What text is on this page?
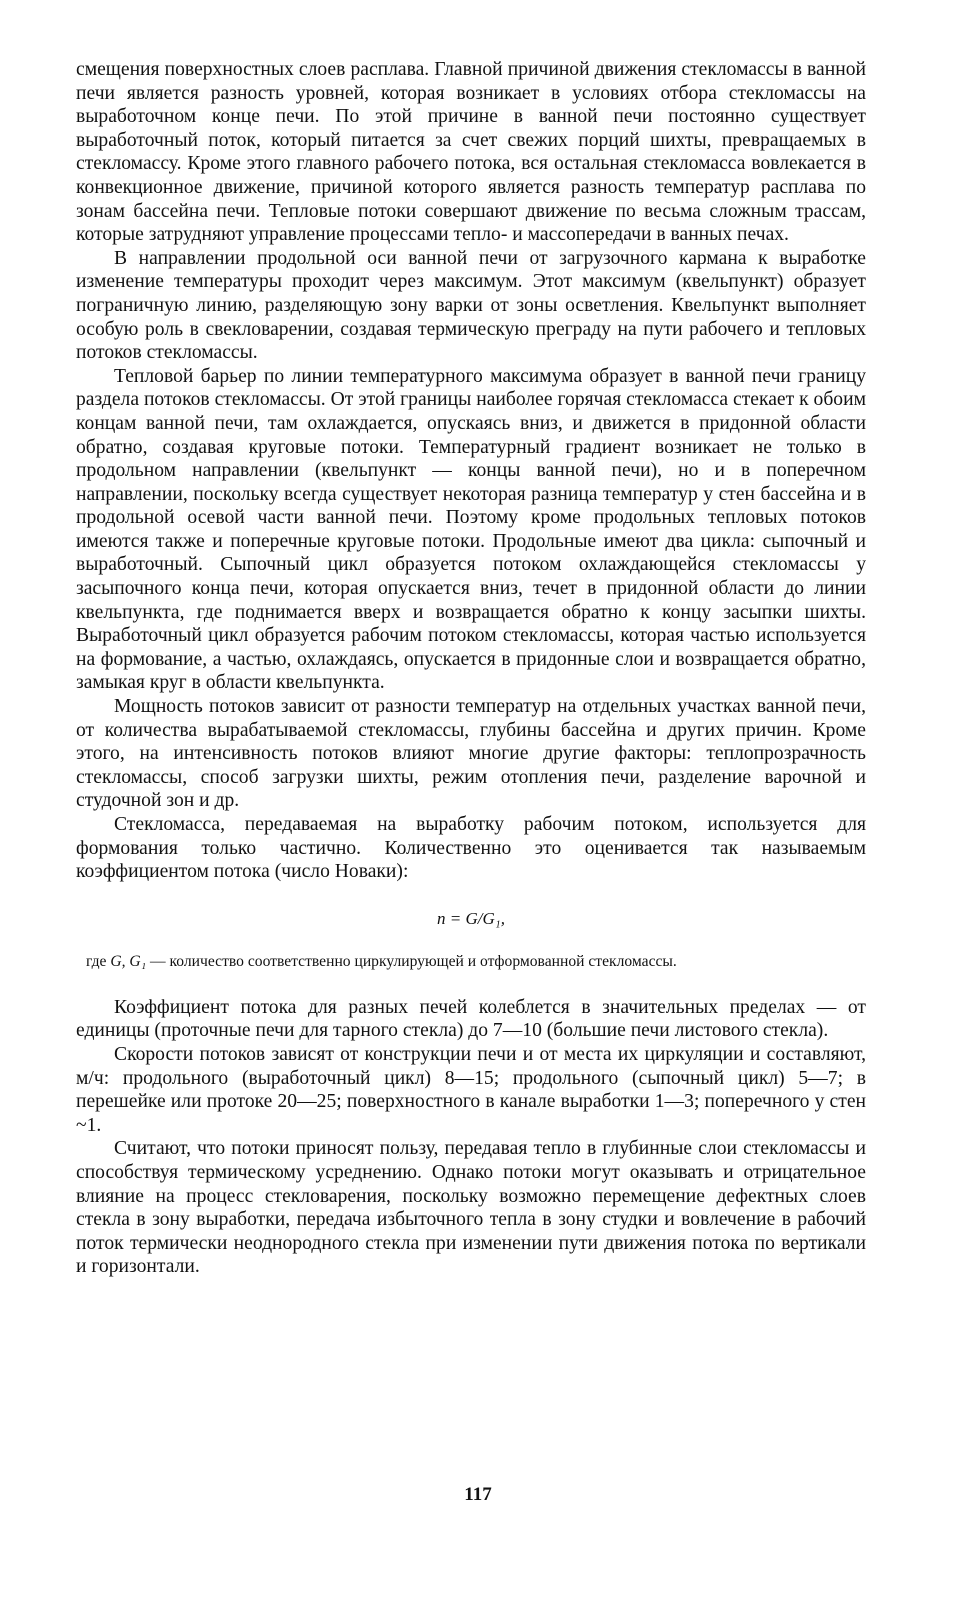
смещения поверхностных слоев расплава. Главной причиной движения стекломассы в ванной печи является разность уровней, которая возникает в условиях отбора стекломассы на выработочном конце печи. По этой причине в ванной печи постоянно существует выработочный поток, который питается за счет свежих порций шихты, превращаемых в стекломассу. Кроме этого главного рабочего потока, вся остальная стекломасса вовлекается в конвекционное движение, причиной которого является разность температур расплава по зонам бассейна печи. Тепловые потоки совершают движение по весьма сложным трассам, которые затрудняют управление процессами тепло- и массопередачи в ванных печах.

В направлении продольной оси ванной печи от загрузочного кармана к выработке изменение температуры проходит через максимум. Этот максимум (квельпункт) образует пограничную линию, разделяющую зону варки от зоны осветления. Квельпункт выполняет особую роль в свекловарении, создавая термическую преграду на пути рабочего и тепловых потоков стекломассы.

Тепловой барьер по линии температурного максимума образует в ванной печи границу раздела потоков стекломассы. От этой границы наиболее горячая стекломасса стекает к обоим концам ванной печи, там охлаждается, опускаясь вниз, и движется в придонной области обратно, создавая круговые потоки. Температурный градиент возникает не только в продольном направлении (квельпункт — концы ванной печи), но и в поперечном направлении, поскольку всегда существует некоторая разница температур у стен бассейна и в продольной осевой части ванной печи. Поэтому кроме продольных тепловых потоков имеются также и поперечные круговые потоки. Продольные имеют два цикла: сыпочный и выработочный. Сыпочный цикл образуется потоком охлаждающейся стекломассы у засыпочного конца печи, которая опускается вниз, течет в придонной области до линии квельпункта, где поднимается вверх и возвращается обратно к концу засыпки шихты. Выработочный цикл образуется рабочим потоком стекломассы, которая частью используется на формование, а частью, охлаждаясь, опускается в придонные слои и возвращается обратно, замыкая круг в области квельпункта.

Мощность потоков зависит от разности температур на отдельных участках ванной печи, от количества вырабатываемой стекломассы, глубины бассейна и других причин. Кроме этого, на интенсивность потоков влияют многие другие факторы: теплопрозрачность стекломассы, способ загрузки шихты, режим отопления печи, разделение варочной и студочной зон и др.

Стекломасса, передаваемая на выработку рабочим потоком, используется для формования только частично. Количественно это оценивается так называемым коэффициентом потока (число Новаки):

n = G/G₁,

где G, G₁ — количество соответственно циркулирующей и отформованной стекломассы.

Коэффициент потока для разных печей колеблется в значительных пределах — от единицы (проточные печи для тарного стекла) до 7—10 (большие печи листового стекла).

Скорости потоков зависят от конструкции печи и от места их циркуляции и составляют, м/ч: продольного (выработочный цикл) 8—15; продольного (сыпочный цикл) 5—7; в перешейке или протоке 20—25; поверхностного в канале выработки 1—3; поперечного у стен ~1.

Считают, что потоки приносят пользу, передавая тепло в глубинные слои стекломассы и способствуя термическому усреднению. Однако потоки могут оказывать и отрицательное влияние на процесс стекловарения, поскольку возможно перемещение дефектных слоев стекла в зону выработки, передача избыточного тепла в зону студки и вовлечение в рабочий поток термически неоднородного стекла при изменении пути движения потока по вертикали и горизонтали.

117
